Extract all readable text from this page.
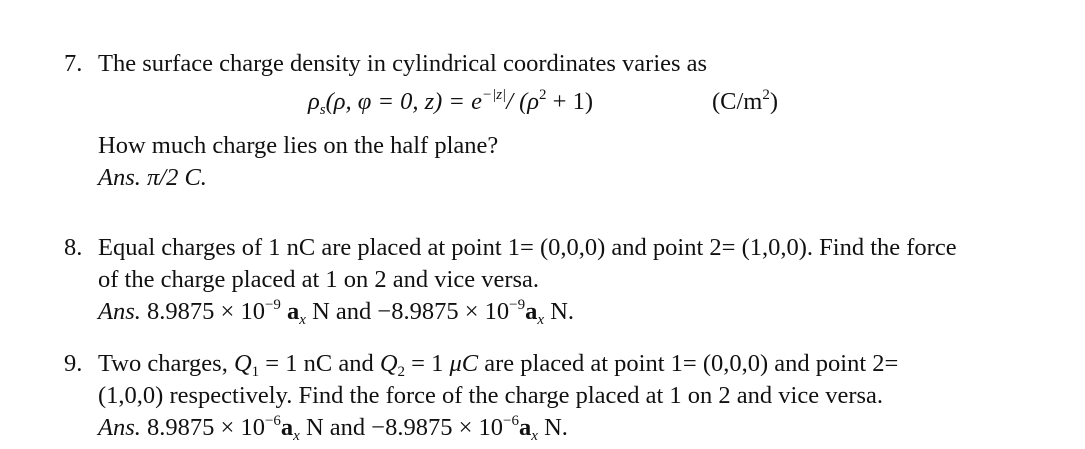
7. The surface charge density in cylindrical coordinates varies as
$\rho_s(\rho$, φ = 0, $z) = e^{-|z|}/$ $(\rho^2 + 1)$	$(C/m^2)$
How much charge lies on the half plane?
Ans. π/2 C.
8. Equal charges of 1 nC are placed at point 1= (0,0,0) and point 2= (1,0,0). Find the force
of the charge placed at 1 on 2 and vice versa.
Ans. $8.9875 \times 10^{-9}$ $a_x$ N and $-8.9875 \times 10^{-9}a_x$ N.
9. Two charges, $Q_1 = 1$ nC and $Q_2 = 1$ μC are placed at point 1= (0,0,0) and point 2=
(1,0,0) respectively. Find the force of the charge placed at 1 on 2 and vice versa.
Ans. $8.9875 \times 10^{-6}a_x$ N and $-8.9875 \times 10^{-6}a_x$ N.
